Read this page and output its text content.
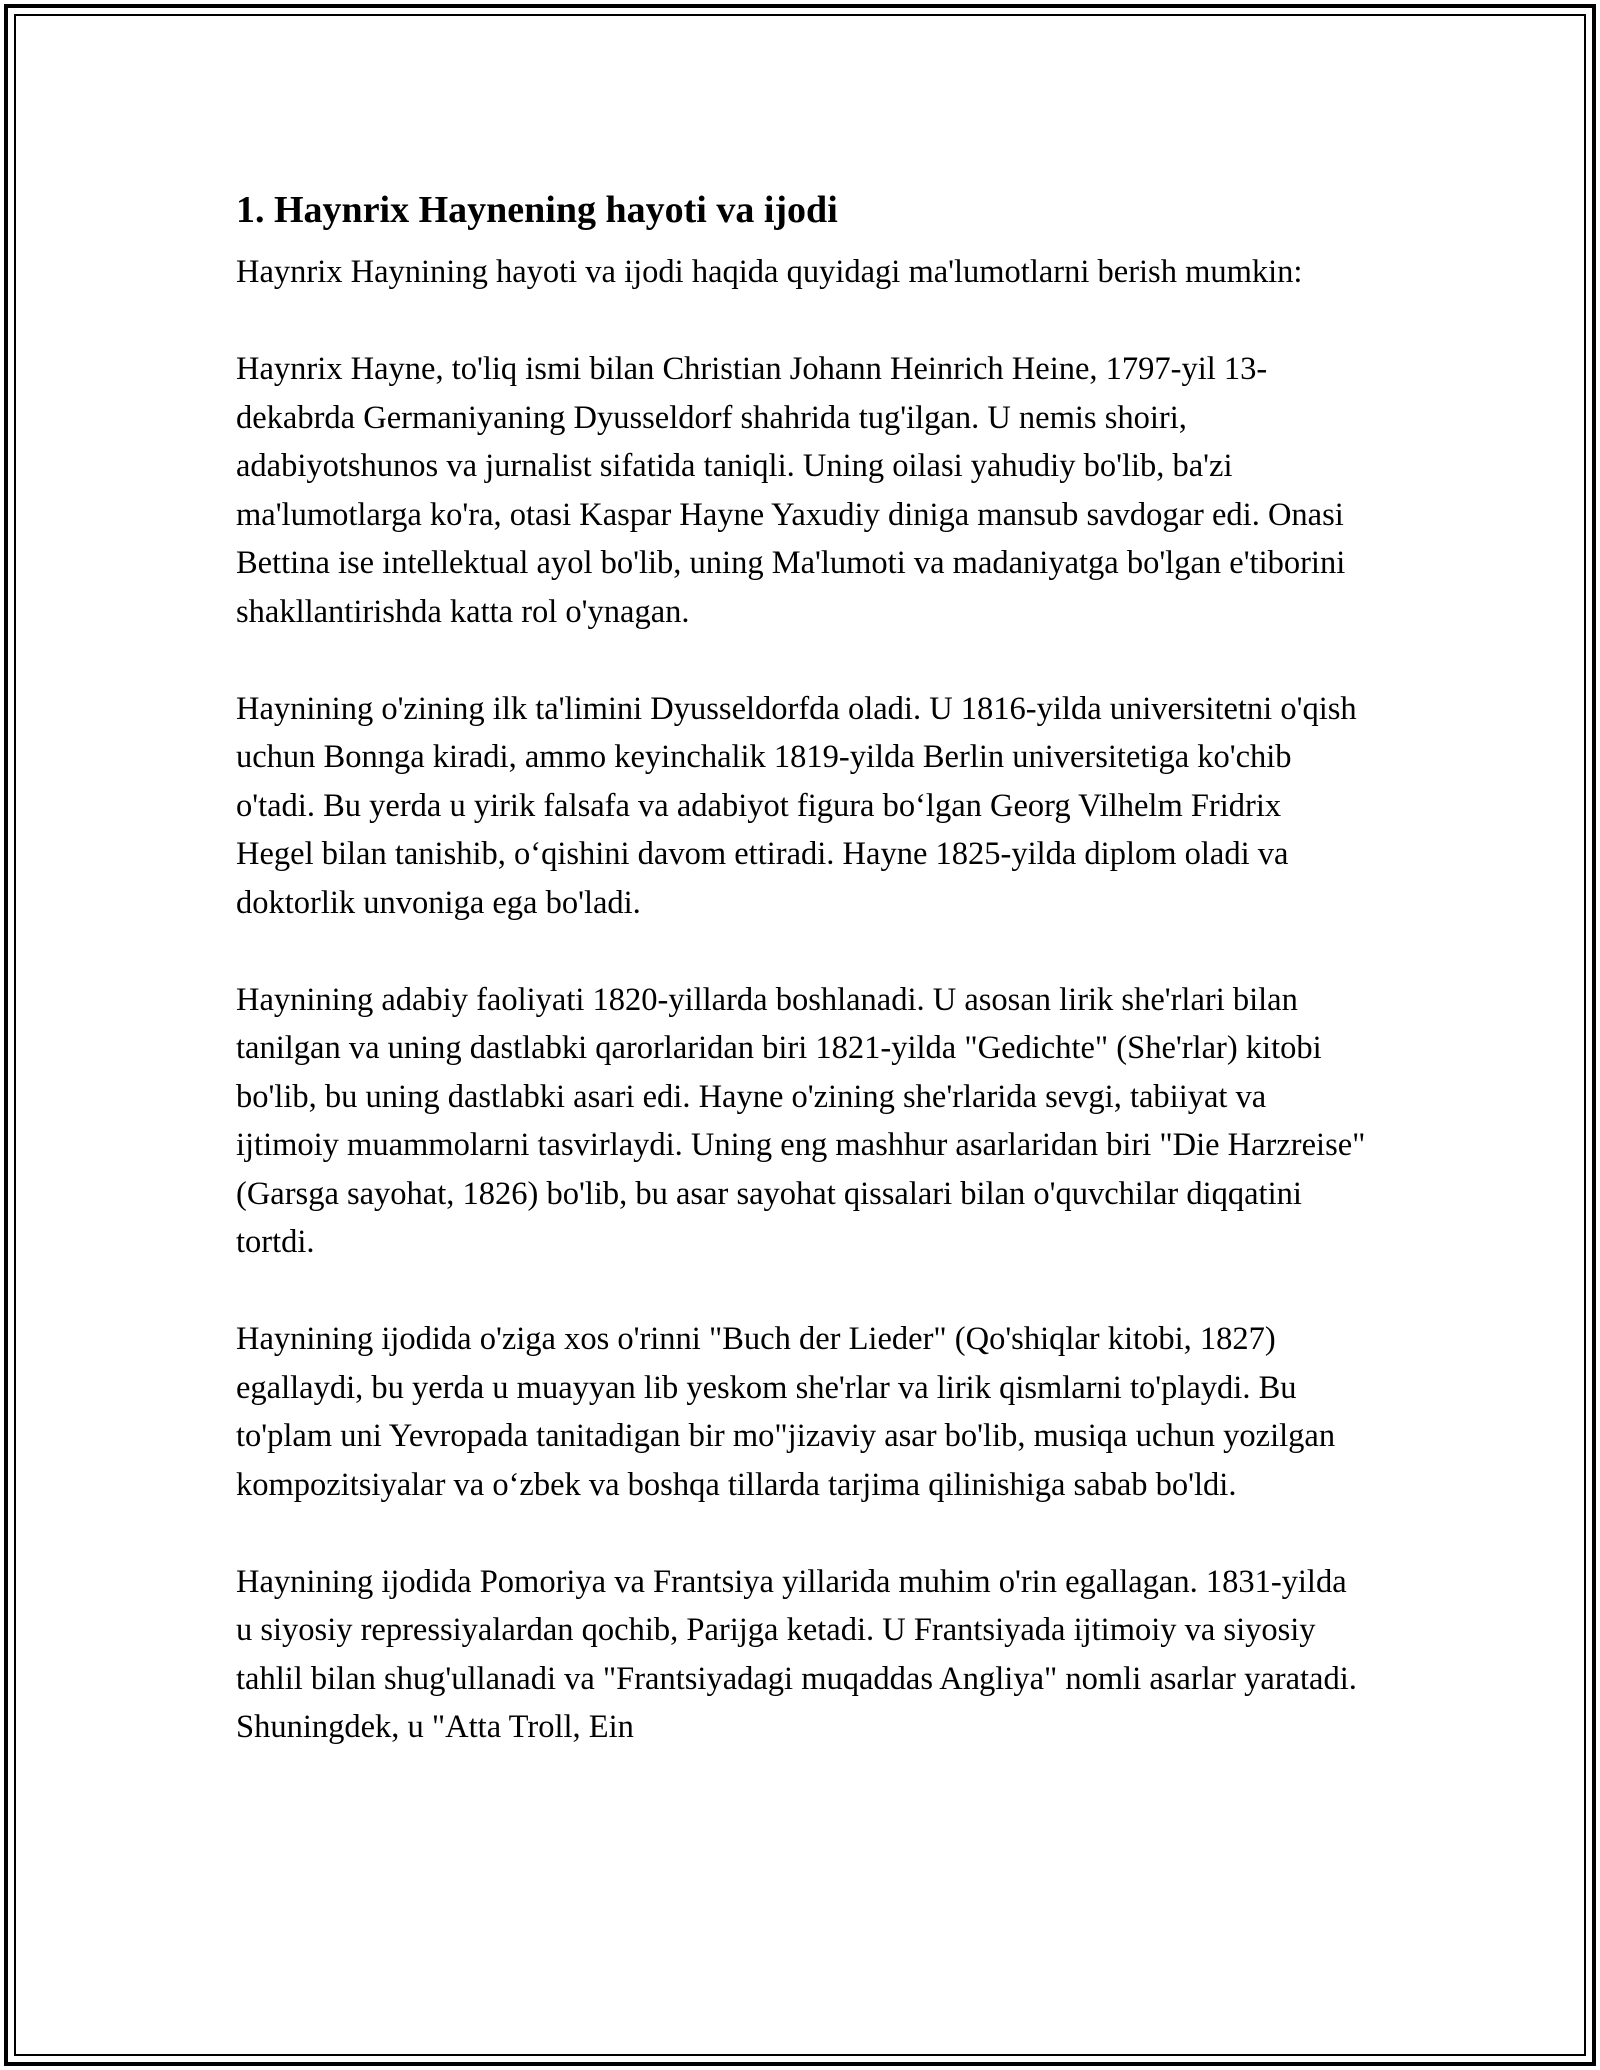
1. Haynrix Haynening hayoti va ijodi

Haynrix Haynining hayoti va ijodi haqida quyidagi ma'lumotlarni berish mumkin:

Haynrix Hayne, to'liq ismi bilan Christian Johann Heinrich Heine, 1797-yil 13-dekabrda Germaniyaning Dyusseldorf shahrida tug'ilgan. U nemis shoiri, adabiyotshunos va jurnalist sifatida taniqli. Uning oilasi yahudiy bo'lib, ba'zi ma'lumotlarga ko'ra, otasi Kaspar Hayne Yaxudiy diniga mansub savdogar edi. Onasi Bettina ise intellektual ayol bo'lib, uning Ma'lumoti va madaniyatga bo'lgan e'tiborini shakllantirishda katta rol o'ynagan.

Haynining o'zining ilk ta'limini Dyusseldorfda oladi. U 1816-yilda universitetni o'qish uchun Bonnga kiradi, ammo keyinchalik 1819-yilda Berlin universitetiga ko'chib o'tadi. Bu yerda u yirik falsafa va adabiyot figura bo‘lgan Georg Vilhelm Fridrix Hegel bilan tanishib, o‘qishini davom ettiradi. Hayne 1825-yilda diplom oladi va doktorlik unvoniga ega bo'ladi.

Haynining adabiy faoliyati 1820-yillarda boshlanadi. U asosan lirik she'rlari bilan tanilgan va uning dastlabki qarorlaridan biri 1821-yilda "Gedichte" (She'rlar) kitobi bo'lib, bu uning dastlabki asari edi. Hayne o'zining she'rlarida sevgi, tabiiyat va ijtimoiy muammolarni tasvirlaydi. Uning eng mashhur asarlaridan biri "Die Harzreise" (Garsga sayohat, 1826) bo'lib, bu asar sayohat qissalari bilan o'quvchilar diqqatini tortdi.

Haynining ijodida o'ziga xos o'rinni "Buch der Lieder" (Qo'shiqlar kitobi, 1827) egallaydi, bu yerda u muayyan lib yeskom she'rlar va lirik qismlarni to'playdi. Bu to'plam uni Yevropada tanitadigan bir mo"jizaviy asar bo'lib, musiqa uchun yozilgan kompozitsiyalar va o‘zbek va boshqa tillarda tarjima qilinishiga sabab bo'ldi.

Haynining ijodida Pomoriya va Frantsiya yillarida muhim o'rin egallagan. 1831-yilda u siyosiy repressiyalardan qochib, Parijga ketadi. U Frantsiyada ijtimoiy va siyosiy tahlil bilan shug'ullanadi va "Frantsiyadagi muqaddas Angliya" nomli asarlar yaratadi. Shuningdek, u "Atta Troll, Ein
